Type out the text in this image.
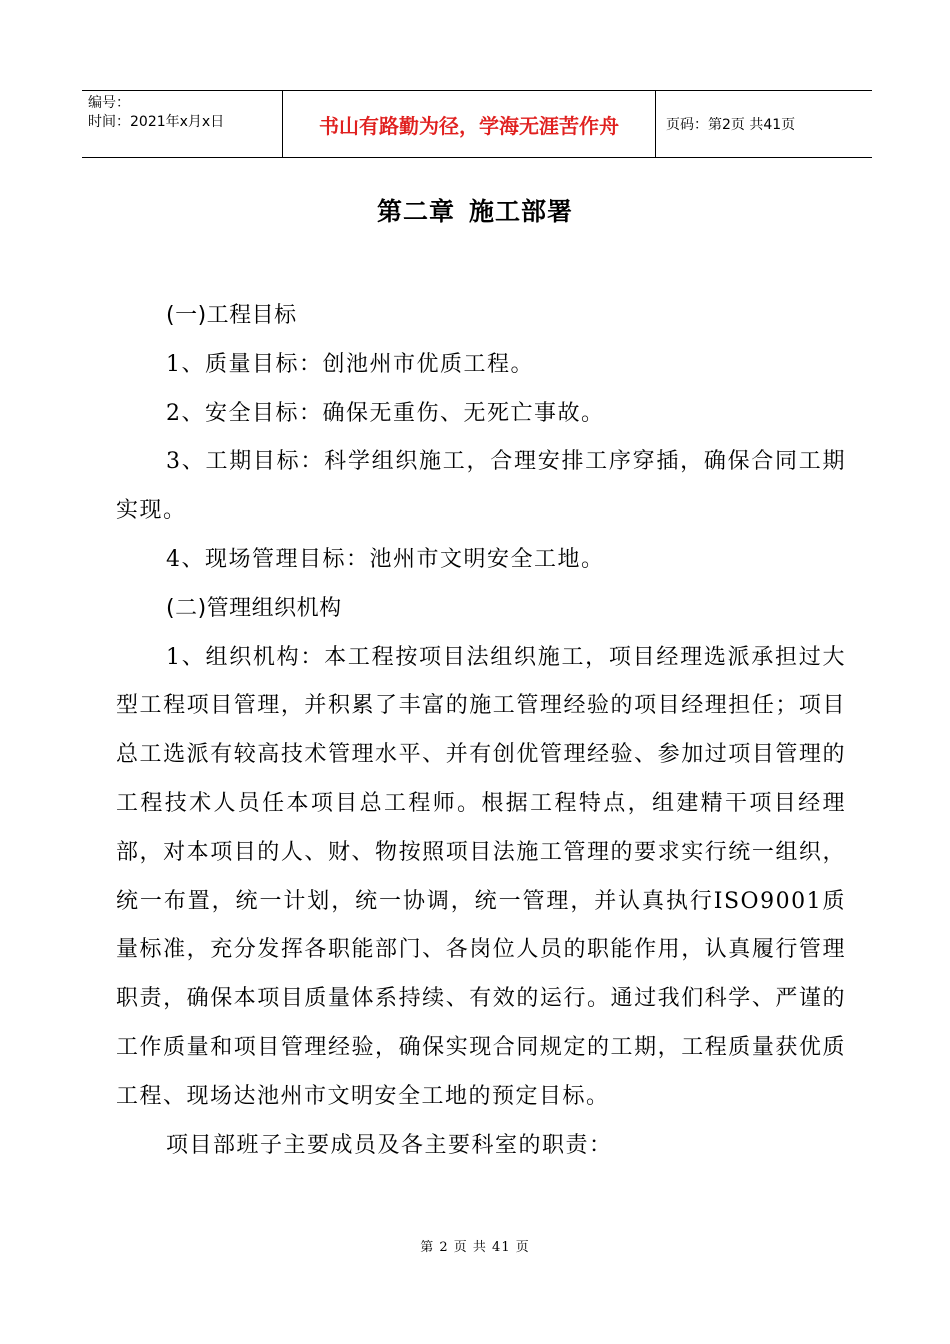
编号：
时间：2021年x月x日	书山有路勤为径，学海无涯苦作舟	页码：第2页 共41页
第二章 施工部署

(一)工程目标

1、质量目标：创池州市优质工程。

2、安全目标：确保无重伤、无死亡事故。

3、工期目标：科学组织施工，合理安排工序穿插，确保合同工期实现。

4、现场管理目标：池州市文明安全工地。

(二)管理组织机构

1、组织机构：本工程按项目法组织施工，项目经理选派承担过大型工程项目管理，并积累了丰富的施工管理经验的项目经理担任；项目总工选派有较高技术管理水平、并有创优管理经验、参加过项目管理的工程技术人员任本项目总工程师。根据工程特点，组建精干项目经理部，对本项目的人、财、物按照项目法施工管理的要求实行统一组织，统一布置，统一计划，统一协调，统一管理，并认真执行ISO9001质量标准，充分发挥各职能部门、各岗位人员的职能作用，认真履行管理职责，确保本项目质量体系持续、有效的运行。通过我们科学、严谨的工作质量和项目管理经验，确保实现合同规定的工期，工程质量获优质工程、现场达池州市文明安全工地的预定目标。

项目部班子主要成员及各主要科室的职责：

第 2 页 共 41 页
